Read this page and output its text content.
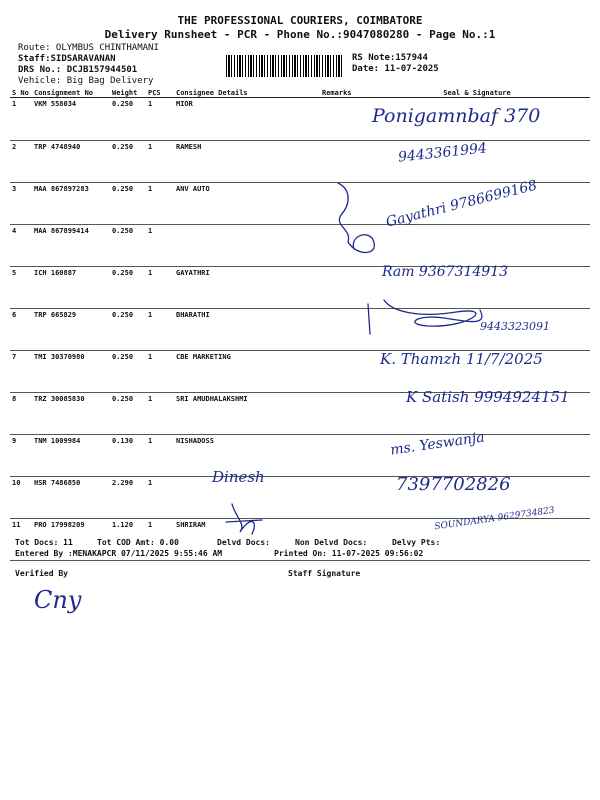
THE PROFESSIONAL COURIERS, COIMBATORE
Delivery Runsheet - PCR - Phone No.:9047080280 - Page No.:1
Route: OLYMBUS CHINTHAMANI
Staff:SIDSARAVANAN
DRS No.: DCJB157944501
Vehicle: Big Bag Delivery
RS Note:157944
Date: 11-07-2025
S No	Consignment No	Weight	PCS	Consignee Details	Remarks	Seal & Signature
1	VKM 558034	0.250	1	MIOR		
2	TRP 4748940	0.250	1	RAMESH		
3	MAA 867897283	0.250	1	ANV AUTO		
4	MAA 867899414	0.250	1			
5	ICH 160887	0.250	1	GAYATHRI		
6	TRP 665829	0.250	1	BHARATHI		
7	TMI 30370980	0.250	1	CBE MARKETING		
8	TRZ 30085830	0.250	1	SRI AMUDHALAKSHMI		
9	TNM 1009984	0.130	1	NISHADOSS		
10	HSR 7486850	2.290	1			
11	PRO 17998209	1.120	1	SHRIRAM		
Tot Docs: 11	Tot COD Amt: 0.00	Delvd Docs:	Non Delvd Docs:	Delvy Pts:
Entered By :MENAKAPCR 07/11/2025 9:55:46 AM	Printed On: 11-07-2025 09:56:02
Verified By	Staff Signature
Ponigamnbaf 370
9443361994
Gayathri 9786699168
Ram 9367314913
9443323091
K. Thamzh 11/7/2025
K Satish 9994924151
ms. Yeswanja
Dinesh	7397702826
SOUNDARYA 9629734823
Cny
